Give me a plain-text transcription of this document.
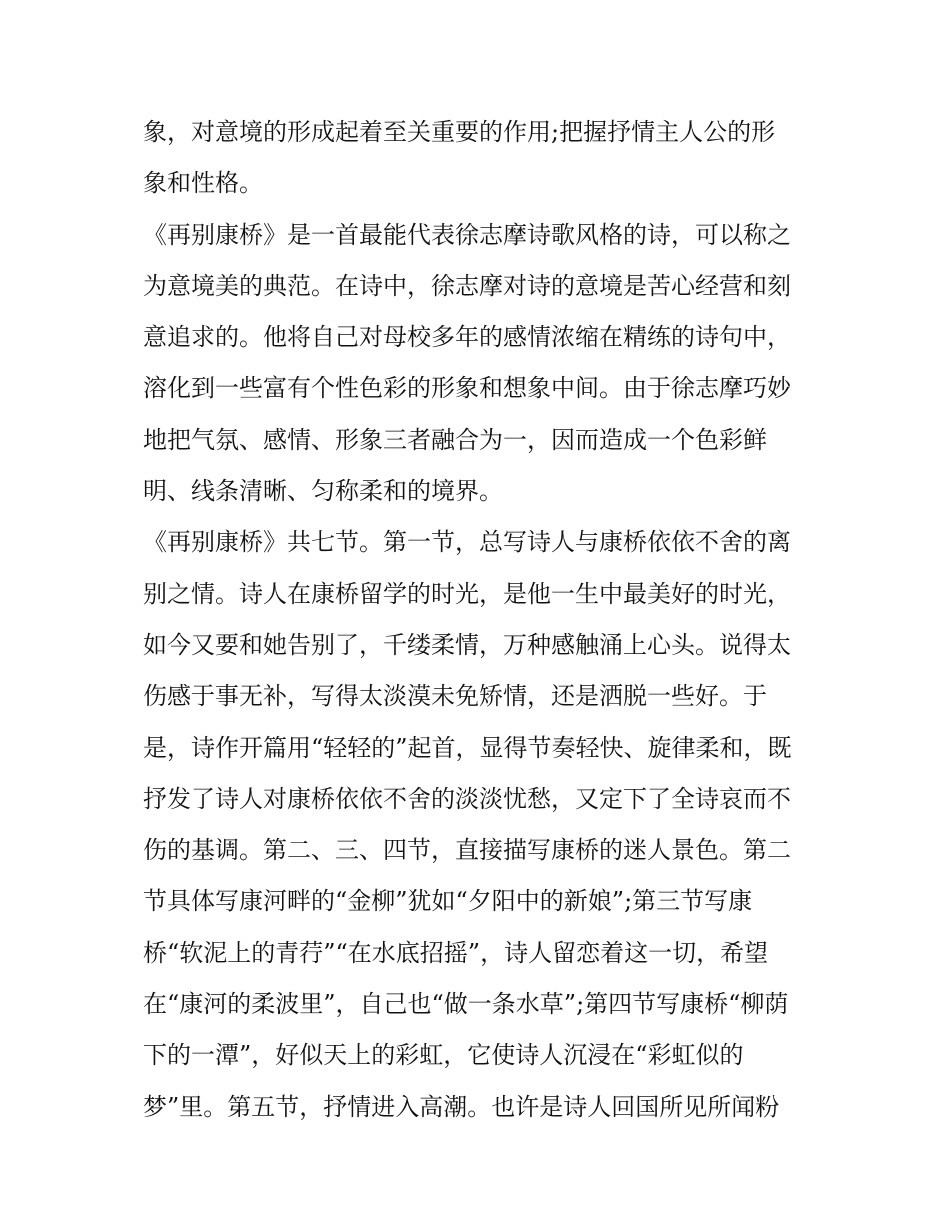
象，对意境的形成起着至关重要的作用;把握抒情主人公的形
象和性格。
《再别康桥》是一首最能代表徐志摩诗歌风格的诗，可以称之
为意境美的典范。在诗中，徐志摩对诗的意境是苦心经营和刻
意追求的。他将自己对母校多年的感情浓缩在精练的诗句中，
溶化到一些富有个性色彩的形象和想象中间。由于徐志摩巧妙
地把气氛、感情、形象三者融合为一，因而造成一个色彩鲜
明、线条清晰、匀称柔和的境界。
《再别康桥》共七节。第一节，总写诗人与康桥依依不舍的离
别之情。诗人在康桥留学的时光，是他一生中最美好的时光，
如今又要和她告别了，千缕柔情，万种感触涌上心头。说得太
伤感于事无补，写得太淡漠未免矫情，还是洒脱一些好。于
是，诗作开篇用“轻轻的”起首，显得节奏轻快、旋律柔和，既
抒发了诗人对康桥依依不舍的淡淡忧愁，又定下了全诗哀而不
伤的基调。第二、三、四节，直接描写康桥的迷人景色。第二
节具体写康河畔的“金柳”犹如“夕阳中的新娘”;第三节写康
桥“软泥上的青荇”“在水底招摇”，诗人留恋着这一切，希望
在“康河的柔波里”，自己也“做一条水草”;第四节写康桥“柳荫
下的一潭”，好似天上的彩虹，它使诗人沉浸在“彩虹似的
梦”里。第五节，抒情进入高潮。也许是诗人回国所见所闻粉
